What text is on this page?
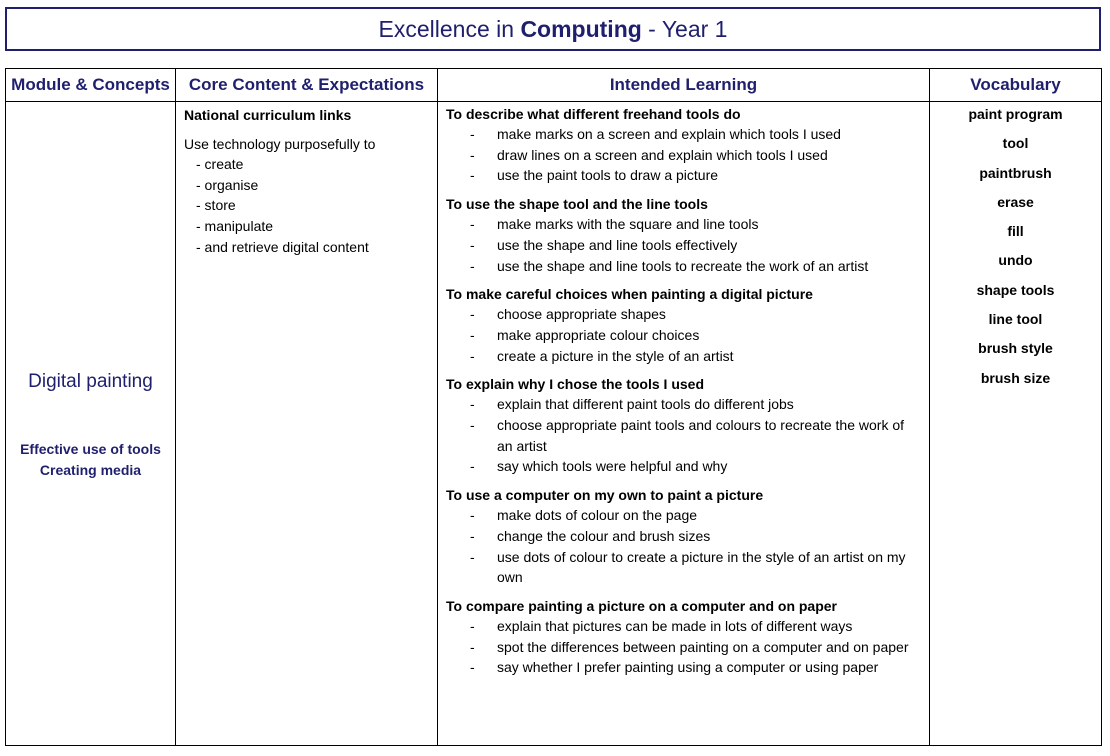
Excellence in Computing - Year 1
Module & Concepts
Digital painting
Effective use of tools
Creating media
Core Content & Expectations
National curriculum links
Use technology purposefully to
- create
- organise
- store
- manipulate
- and retrieve digital content
Intended Learning
To describe what different freehand tools do
- make marks on a screen and explain which tools I used
- draw lines on a screen and explain which tools I used
- use the paint tools to draw a picture
To use the shape tool and the line tools
- make marks with the square and line tools
- use the shape and line tools effectively
- use the shape and line tools to recreate the work of an artist
To make careful choices when painting a digital picture
- choose appropriate shapes
- make appropriate colour choices
- create a picture in the style of an artist
To explain why I chose the tools I used
- explain that different paint tools do different jobs
- choose appropriate paint tools and colours to recreate the work of an artist
- say which tools were helpful and why
To use a computer on my own to paint a picture
- make dots of colour on the page
- change the colour and brush sizes
- use dots of colour to create a picture in the style of an artist on my own
To compare painting a picture on a computer and on paper
- explain that pictures can be made in lots of different ways
- spot the differences between painting on a computer and on paper
- say whether I prefer painting using a computer or using paper
Vocabulary
paint program
tool
paintbrush
erase
fill
undo
shape tools
line tool
brush style
brush size
